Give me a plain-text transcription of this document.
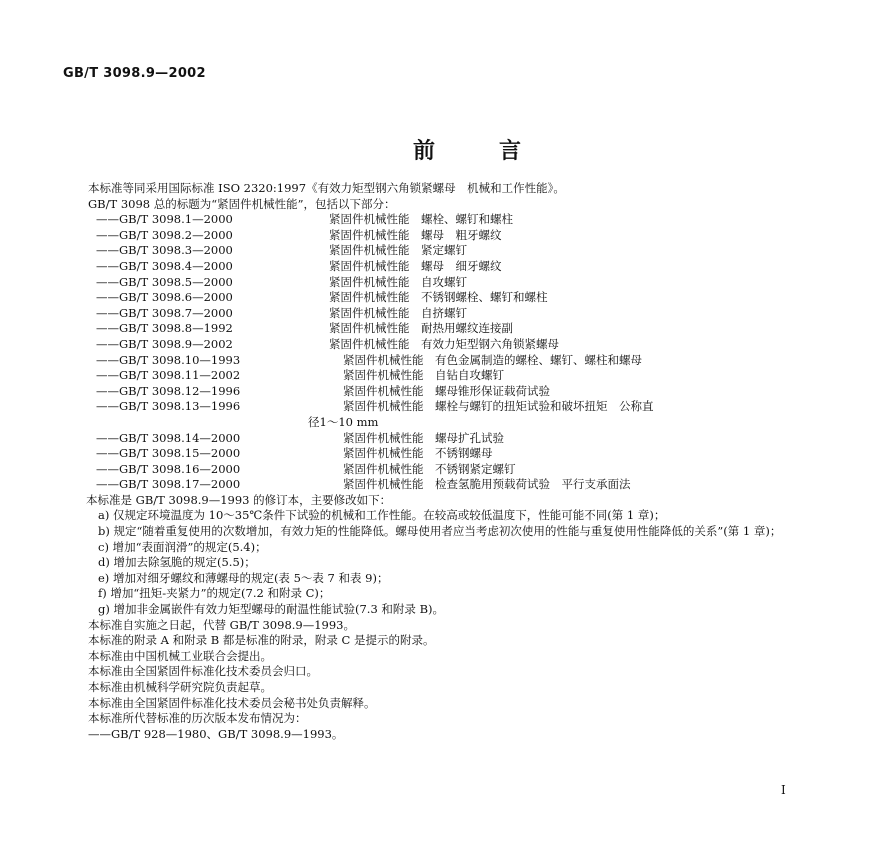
GB/T 3098.9—2002
前言
本标准等同采用国际标准 ISO 2320:1997《有效力矩型钢六角锁紧螺母　机械和工作性能》。
GB/T 3098 总的标题为“紧固件机械性能”，包括以下部分：
——GB/T 3098.1—2000	紧固件机械性能　螺栓、螺钉和螺柱
——GB/T 3098.2—2000	紧固件机械性能　螺母　粗牙螺纹
——GB/T 3098.3—2000	紧固件机械性能　紧定螺钉
——GB/T 3098.4—2000	紧固件机械性能　螺母　细牙螺纹
——GB/T 3098.5—2000	紧固件机械性能　自攻螺钉
——GB/T 3098.6—2000	紧固件机械性能　不锈钢螺栓、螺钉和螺柱
——GB/T 3098.7—2000	紧固件机械性能　自挤螺钉
——GB/T 3098.8—1992	紧固件机械性能　耐热用螺纹连接副
——GB/T 3098.9—2002	紧固件机械性能　有效力矩型钢六角锁紧螺母
——GB/T 3098.10—1993	紧固件机械性能　有色金属制造的螺栓、螺钉、螺柱和螺母
——GB/T 3098.11—2002	紧固件机械性能　自钻自攻螺钉
——GB/T 3098.12—1996	紧固件机械性能　螺母锥形保证载荷试验
——GB/T 3098.13—1996	紧固件机械性能　螺栓与螺钉的扭矩试验和破坏扭矩　公称直
径1～10 mm
——GB/T 3098.14—2000	紧固件机械性能　螺母扩孔试验
——GB/T 3098.15—2000	紧固件机械性能　不锈钢螺母
——GB/T 3098.16—2000	紧固件机械性能　不锈钢紧定螺钉
——GB/T 3098.17—2000	紧固件机械性能　检查氢脆用预载荷试验　平行支承面法
本标准是 GB/T 3098.9—1993 的修订本，主要修改如下：
a) 仅规定环境温度为 10～35℃条件下试验的机械和工作性能。在较高或较低温度下，性能可能不同(第 1 章)；
b) 规定“随着重复使用的次数增加，有效力矩的性能降低。螺母使用者应当考虑初次使用的性能与重复使用性能降低的关系”(第 1 章)；
c) 增加“表面润滑”的规定(5.4)；
d) 增加去除氢脆的规定(5.5)；
e) 增加对细牙螺纹和薄螺母的规定(表 5～表 7 和表 9)；
f) 增加“扭矩-夹紧力”的规定(7.2 和附录 C)；
g) 增加非金属嵌件有效力矩型螺母的耐温性能试验(7.3 和附录 B)。
本标准自实施之日起，代替 GB/T 3098.9—1993。
本标准的附录 A 和附录 B 都是标准的附录，附录 C 是提示的附录。
本标准由中国机械工业联合会提出。
本标准由全国紧固件标准化技术委员会归口。
本标准由机械科学研究院负责起草。
本标准由全国紧固件标准化技术委员会秘书处负责解释。
本标准所代替标准的历次版本发布情况为：
——GB/T 928—1980、GB/T 3098.9—1993。
I
